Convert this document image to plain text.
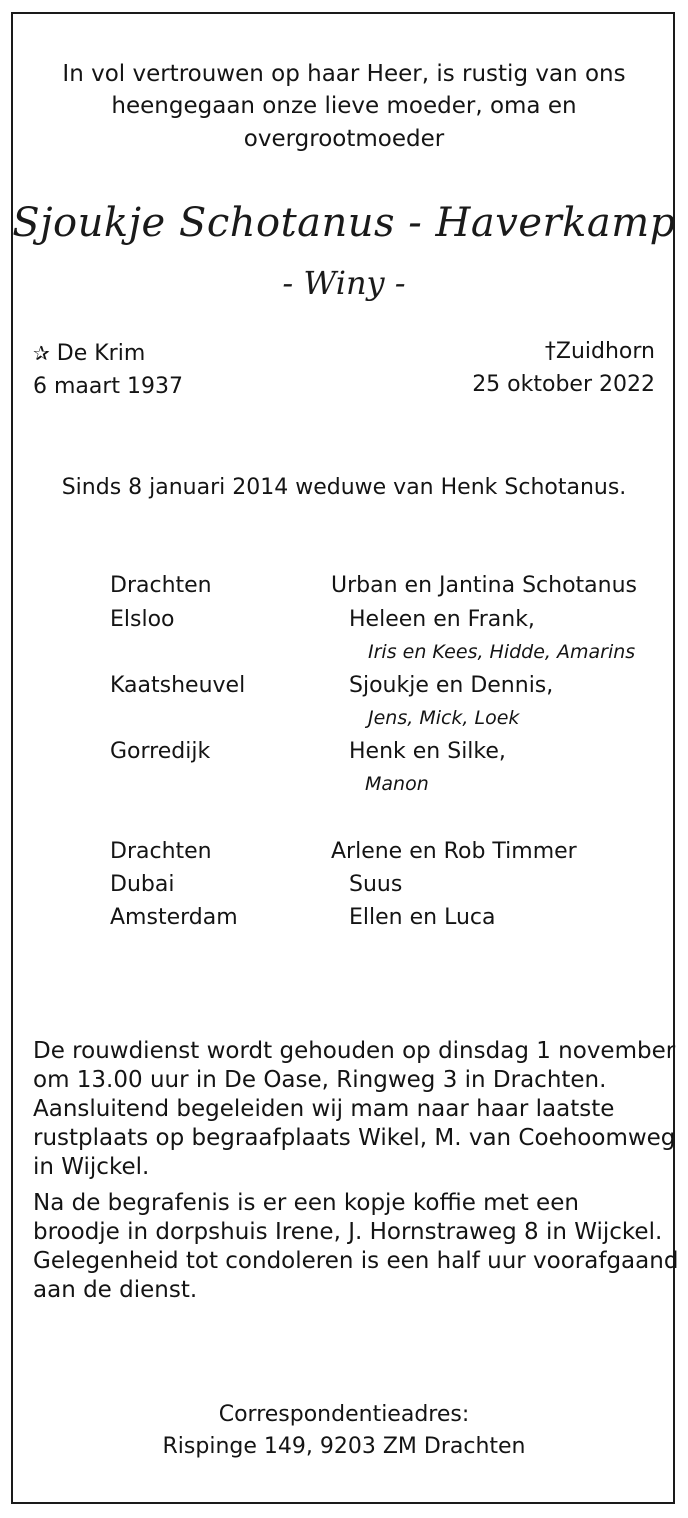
In vol vertrouwen op haar Heer, is rustig van ons
heengegaan onze lieve moeder, oma en
overgrootmoeder
Sjoukje Schotanus - Haverkamp
- Winy -
✰ De Krim
6 maart 1937
†Zuidhorn
25 oktober 2022
Sinds 8 januari 2014 weduwe van Henk Schotanus.
Drachten	Urban en Jantina Schotanus
Elsloo	Heleen en Frank,
Iris en Kees, Hidde, Amarins
Kaatsheuvel	Sjoukje en Dennis,
Jens, Mick, Loek
Gorredijk	Henk en Silke,
Manon
Drachten	Arlene en Rob Timmer
Dubai	Suus
Amsterdam	Ellen en Luca
De rouwdienst wordt gehouden op dinsdag 1 november
om 13.00 uur in De Oase, Ringweg 3 in Drachten.
Aansluitend begeleiden wij mam naar haar laatste
rustplaats op begraafplaats Wikel, M. van Coehoomweg
in Wijckel.
Na de begrafenis is er een kopje koffie met een
broodje in dorpshuis Irene, J. Hornstraweg 8 in Wijckel.
Gelegenheid tot condoleren is een half uur voorafgaand
aan de dienst.
Correspondentieadres:
Rispinge 149, 9203 ZM Drachten
